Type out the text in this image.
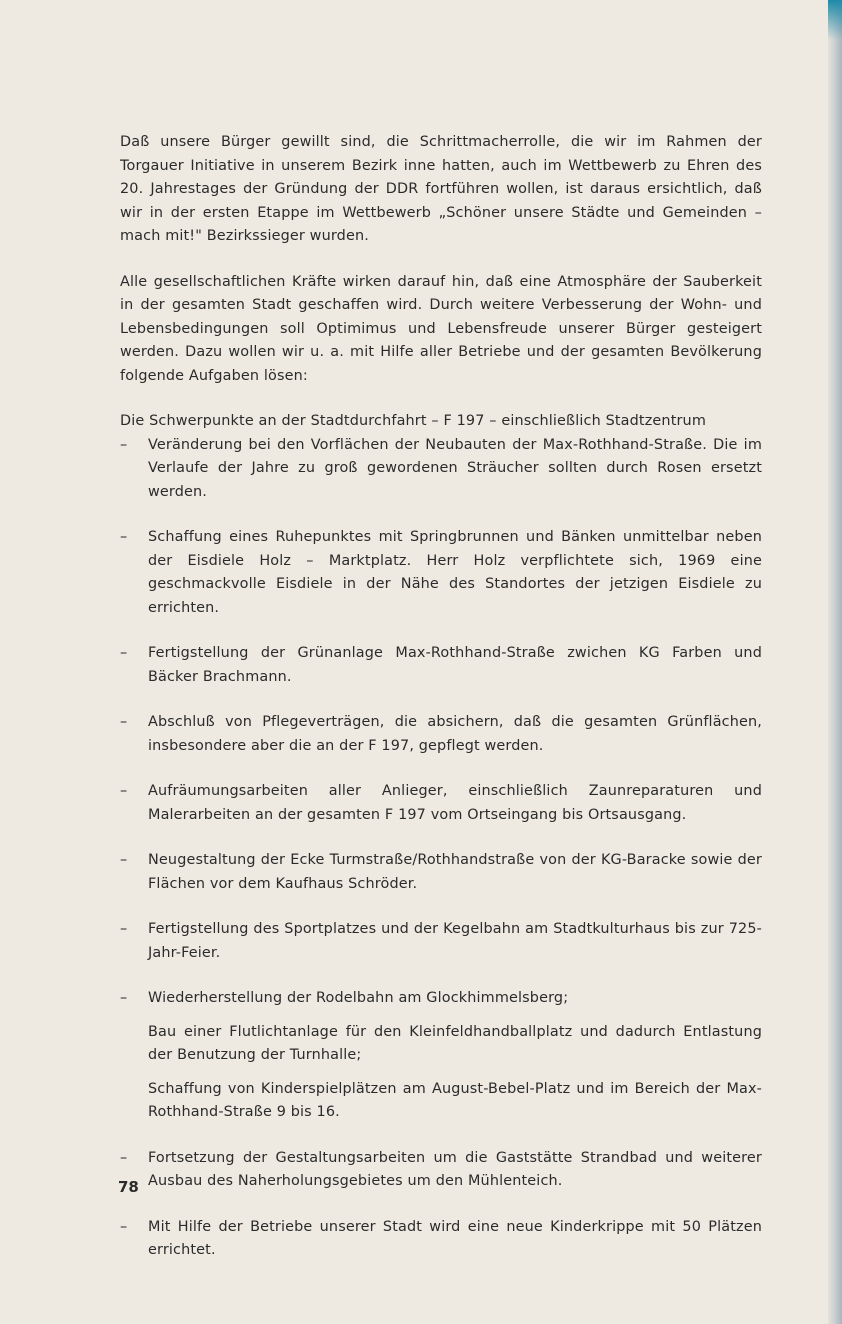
Daß unsere Bürger gewillt sind, die Schrittmacherrolle, die wir im Rahmen der Torgauer Initiative in unserem Bezirk inne hatten, auch im Wettbewerb zu Ehren des 20. Jahrestages der Gründung der DDR fortführen wollen, ist daraus ersichtlich, daß wir in der ersten Etappe im Wettbewerb „Schöner unsere Städte und Gemeinden – mach mit!" Bezirkssieger wurden.

Alle gesellschaftlichen Kräfte wirken darauf hin, daß eine Atmosphäre der Sauberkeit in der gesamten Stadt geschaffen wird. Durch weitere Verbesserung der Wohn- und Lebensbedingungen soll Optimimus und Lebensfreude unserer Bürger gesteigert werden. Dazu wollen wir u. a. mit Hilfe aller Betriebe und der gesamten Bevölkerung folgende Aufgaben lösen:

Die Schwerpunkte an der Stadtdurchfahrt – F 197 – einschließlich Stadtzentrum

– Veränderung bei den Vorflächen der Neubauten der Max-Rothhand-Straße. Die im Verlaufe der Jahre zu groß gewordenen Sträucher sollten durch Rosen ersetzt werden.
– Schaffung eines Ruhepunktes mit Springbrunnen und Bänken unmittelbar neben der Eisdiele Holz – Marktplatz. Herr Holz verpflichtete sich, 1969 eine geschmackvolle Eisdiele in der Nähe des Standortes der jetzigen Eisdiele zu errichten.
– Fertigstellung der Grünanlage Max-Rothhand-Straße zwichen KG Farben und Bäcker Brachmann.
– Abschluß von Pflegeverträgen, die absichern, daß die gesamten Grünflächen, insbesondere aber die an der F 197, gepflegt werden.
– Aufräumungsarbeiten aller Anlieger, einschließlich Zaunreparaturen und Malerarbeiten an der gesamten F 197 vom Ortseingang bis Ortsausgang.
– Neugestaltung der Ecke Turmstraße/Rothhandstraße von der KG-Baracke sowie der Flächen vor dem Kaufhaus Schröder.
– Fertigstellung des Sportplatzes und der Kegelbahn am Stadtkulturhaus bis zur 725-Jahr-Feier.
– Wiederherstellung der Rodelbahn am Glockhimmelsberg;

Bau einer Flutlichtanlage für den Kleinfeldhandballplatz und dadurch Entlastung der Benutzung der Turnhalle;

Schaffung von Kinderspielplätzen am August-Bebel-Platz und im Bereich der Max-Rothhand-Straße 9 bis 16.

– Fortsetzung der Gestaltungsarbeiten um die Gaststätte Strandbad und weiterer Ausbau des Naherholungsgebietes um den Mühlenteich.
– Mit Hilfe der Betriebe unserer Stadt wird eine neue Kinderkrippe mit 50 Plätzen errichtet.
78
